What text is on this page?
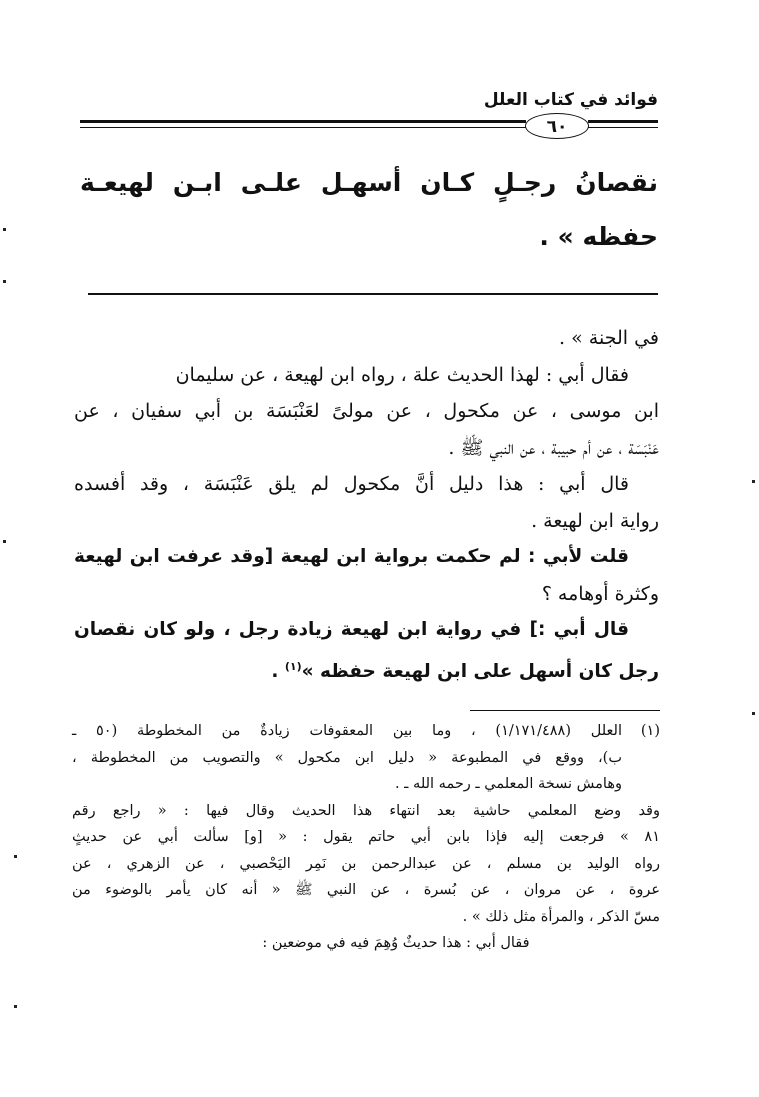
فوائد في كتاب العلل
٦٠
نقصانُ رجـلٍ كـان أسهـل علـى ابـن لهيعـة
حفظه » .

في الجنة » .

فقال أبي : لهذا الحديث علة ، رواه ابن لهيعة ، عن سليمان

ابن موسى ، عن مكحول ، عن مولىً لعَنْبَسَة بن أبي سفيان ، عن

عَنْبَسَة ، عن أم حبيبة ، عن النبي ﷺ .

قال أبي : هذا دليل أنَّ مكحول لم يلق عَنْبَسَة ، وقد أفسده

رواية ابن لهيعة .

قلت لأبي : لم حكمت برواية ابن لهيعة [وقد عرفت ابن لهيعة

وكثرة أوهامه ؟

قال أبي :] في رواية ابن لهيعة زيادة رجل ، ولو كان نقصان

رجل كان أسهل على ابن لهيعة حفظه »$^{(١)}$ .

(١)العلل (١/١٧١/٤٨٨) ، وما بين المعقوفات زيادةٌ من المخطوطة (٥٠ ـ

ب)، ووقع في المطبوعة « دليل ابن مكحول » والتصويب من المخطوطة ،

وهامش نسخة المعلمي ـ رحمه الله ـ .

وقد وضع المعلمي حاشية بعد انتهاء هذا الحديث وقال فيها : « راجع رقم

٨١ » فرجعت إليه فإذا بابن أبي حاتم يقول : « [و] سألت أبي عن حديثٍ

رواه الوليد بن مسلم ، عن عبدالرحمن بن نَمِر اليَحْصبي ، عن الزهري ، عن

عروة ، عن مروان ، عن بُسرة ، عن النبي ﷺ « أنه كان يأمر بالوضوء من

مسّ الذكر ، والمرأة مثل ذلك » .

فقال أبي : هذا حديثٌ وُهِمَ فيه في موضعين :
